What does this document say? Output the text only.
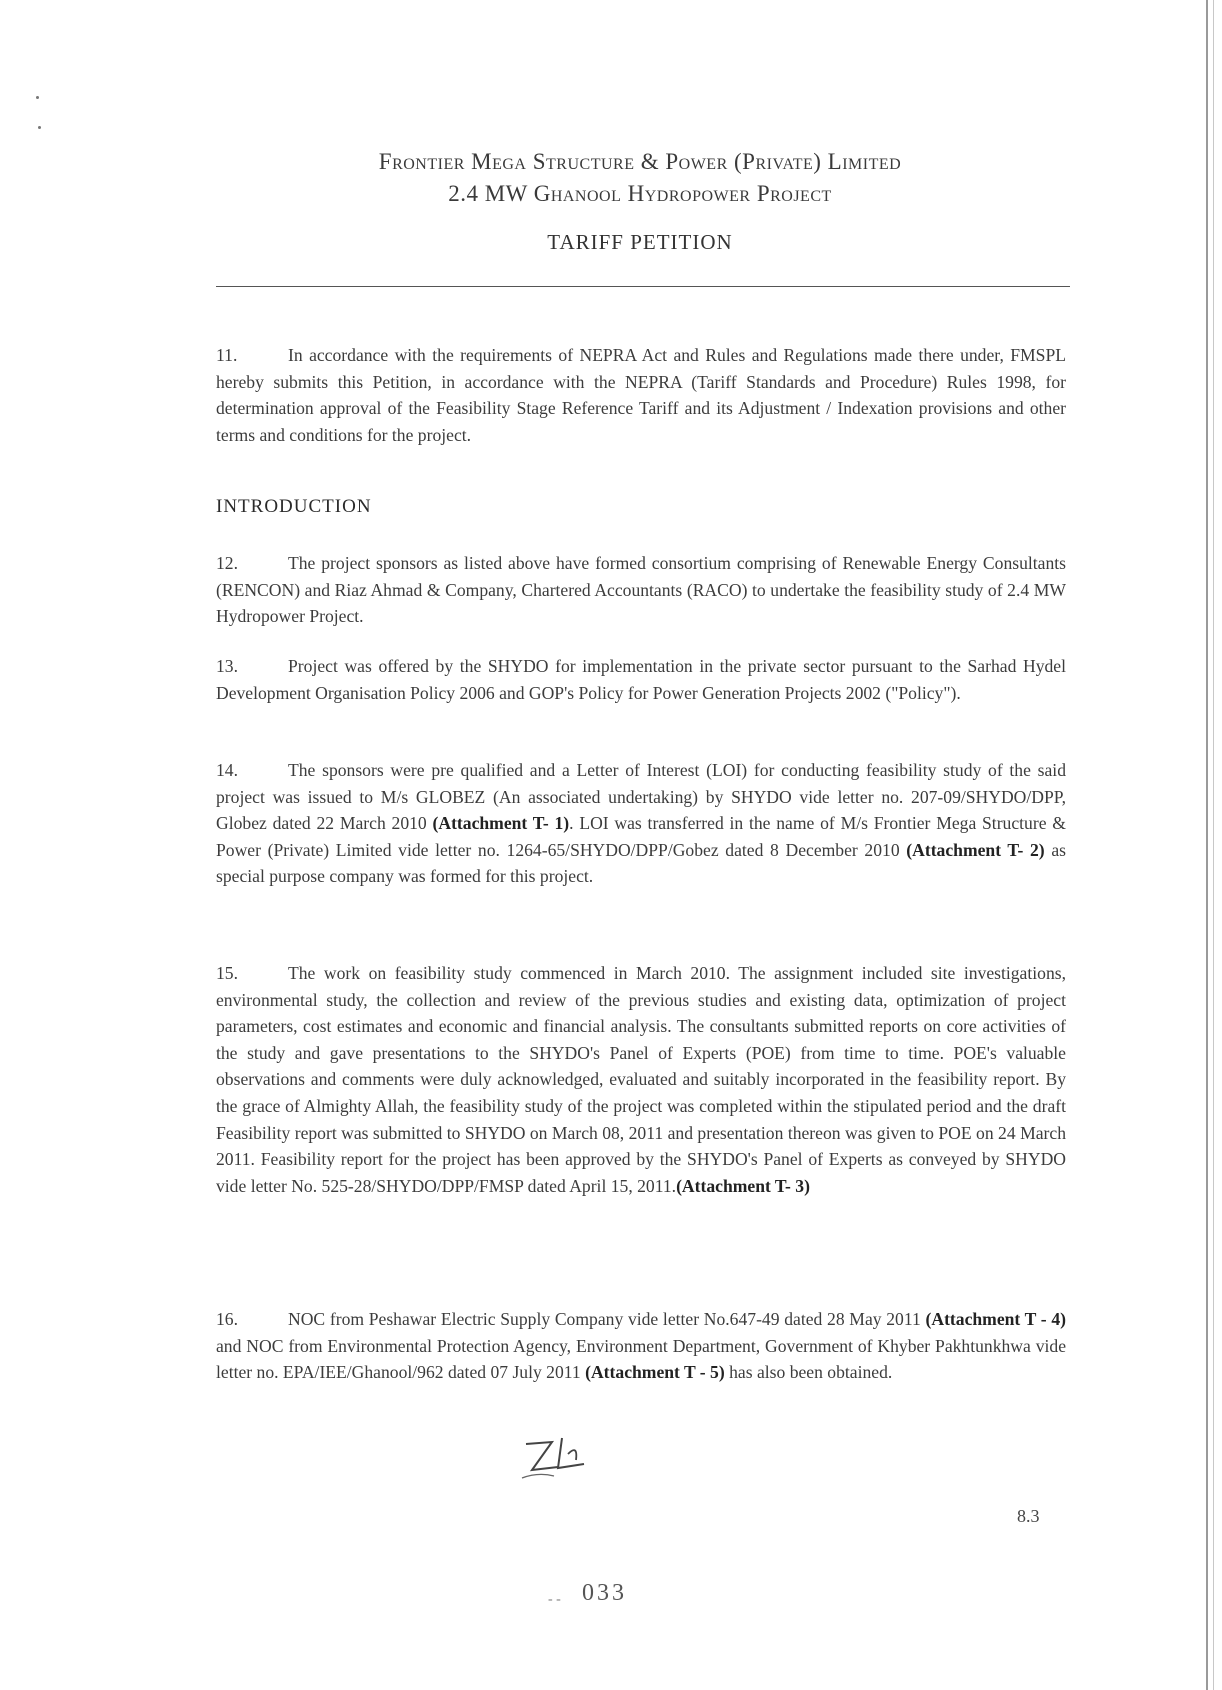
Frontier Mega Structure & Power (Private) Limited
2.4 MW Ghanool Hydropower Project
TARIFF PETITION
11.	In accordance with the requirements of NEPRA Act and Rules and Regulations made there under, FMSPL hereby submits this Petition, in accordance with the NEPRA (Tariff Standards and Procedure) Rules 1998, for determination approval of the Feasibility Stage Reference Tariff and its Adjustment / Indexation provisions and other terms and conditions for the project.
INTRODUCTION
12.	The project sponsors as listed above have formed consortium comprising of Renewable Energy Consultants (RENCON) and Riaz Ahmad & Company, Chartered Accountants (RACO) to undertake the feasibility study of 2.4 MW Hydropower Project.
13.	Project was offered by the SHYDO for implementation in the private sector pursuant to the Sarhad Hydel Development Organisation Policy 2006 and GOP's Policy for Power Generation Projects 2002 ("Policy").
14.	The sponsors were pre qualified and a Letter of Interest (LOI) for conducting feasibility study of the said project was issued to M/s GLOBEZ (An associated undertaking) by SHYDO vide letter no. 207-09/SHYDO/DPP, Globez dated 22 March 2010 (Attachment T- 1). LOI was transferred in the name of M/s Frontier Mega Structure & Power (Private) Limited vide letter no. 1264-65/SHYDO/DPP/Gobez dated 8 December 2010 (Attachment T- 2) as special purpose company was formed for this project.
15.	The work on feasibility study commenced in March 2010. The assignment included site investigations, environmental study, the collection and review of the previous studies and existing data, optimization of project parameters, cost estimates and economic and financial analysis. The consultants submitted reports on core activities of the study and gave presentations to the SHYDO's Panel of Experts (POE) from time to time. POE's valuable observations and comments were duly acknowledged, evaluated and suitably incorporated in the feasibility report. By the grace of Almighty Allah, the feasibility study of the project was completed within the stipulated period and the draft Feasibility report was submitted to SHYDO on March 08, 2011 and presentation thereon was given to POE on 24 March 2011. Feasibility report for the project has been approved by the SHYDO's Panel of Experts as conveyed by SHYDO vide letter No. 525-28/SHYDO/DPP/FMSP dated April 15, 2011.(Attachment T- 3)
16.	NOC from Peshawar Electric Supply Company vide letter No.647-49 dated 28 May 2011 (Attachment T - 4) and NOC from Environmental Protection Agency, Environment Department, Government of Khyber Pakhtunkhwa vide letter no. EPA/IEE/Ghanool/962 dated 07 July 2011 (Attachment T - 5) has also been obtained.
8.3
- - 033
